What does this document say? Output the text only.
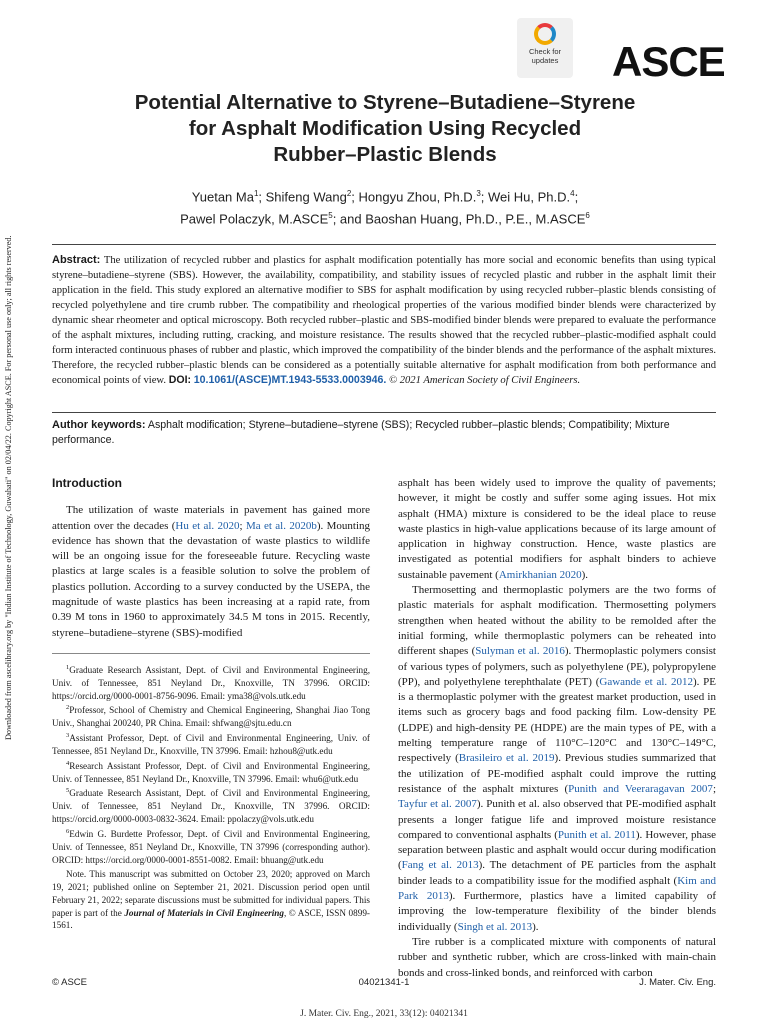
Downloaded from ascelibrary.org by "Indian Institute of Technology, Guwahati" on 02/04/22. Copyright ASCE. For personal use only; all rights reserved.
Check for
updates	ASCE
Potential Alternative to Styrene–Butadiene–Styrene
for Asphalt Modification Using Recycled
Rubber–Plastic Blends
Yuetan Ma$^1$; Shifeng Wang$^2$; Hongyu Zhou, Ph.D.$^3$; Wei Hu, Ph.D.$^4$;
Pawel Polaczyk, M.ASCE$^5$; and Baoshan Huang, Ph.D., P.E., M.ASCE$^6$
Abstract: The utilization of recycled rubber and plastics for asphalt modification potentially has more social and economic benefits than using typical styrene–butadiene–styrene (SBS). However, the availability, compatibility, and stability issues of recycled plastic and rubber in the asphalt limit their application in the field. This study explored an alternative modifier to SBS for asphalt modification by using recycled rubber–plastic blends consisting of recycled polyethylene and tire crumb rubber. The compatibility and rheological properties of the various modified binder blends were characterized by dynamic shear rheometer and optical microscopy. Both recycled rubber–plastic and SBS-modified binder blends were prepared to evaluate the performance of the asphalt mixtures, including rutting, cracking, and moisture resistance. The results showed that the recycled rubber–plastic-modified asphalt could form interacted continuous phases of rubber and plastic, which improved the compatibility of the binder blends and the performance of the asphalt mixtures. Therefore, the recycled rubber–plastic blends can be considered as a potentially suitable alternative for asphalt modification from both performance and economical points of view. DOI: 10.1061/(ASCE)MT.1943-5533.0003946. © 2021 American Society of Civil Engineers.
Author keywords: Asphalt modification; Styrene–butadiene–styrene (SBS); Recycled rubber–plastic blends; Compatibility; Mixture performance.
Introduction

The utilization of waste materials in pavement has gained more attention over the decades (Hu et al. 2020; Ma et al. 2020b). Mounting evidence has shown that the devastation of waste plastics to wildlife will be an ongoing issue for the foreseeable future. Recycling waste plastics at large scales is a feasible solution to solve the problem of plastics pollution. According to a survey conducted by the USEPA, the magnitude of waste plastics has been increasing at a rapid rate, from 0.39 M tons in 1960 to approximately 34.5 M tons in 2015. Recently, styrene–butadiene–styrene (SBS)-modified

$^1$Graduate Research Assistant, Dept. of Civil and Environmental Engineering, Univ. of Tennessee, 851 Neyland Dr., Knoxville, TN 37996. ORCID: https://orcid.org/0000-0001-8756-9096. Email: yma38@vols.utk.edu

$^2$Professor, School of Chemistry and Chemical Engineering, Shanghai Jiao Tong Univ., Shanghai 200240, PR China. Email: shfwang@sjtu.edu.cn

$^3$Assistant Professor, Dept. of Civil and Environmental Engineering, Univ. of Tennessee, 851 Neyland Dr., Knoxville, TN 37996. Email: hzhou8@utk.edu

$^4$Research Assistant Professor, Dept. of Civil and Environmental Engineering, Univ. of Tennessee, 851 Neyland Dr., Knoxville, TN 37996. Email: whu6@utk.edu

$^5$Graduate Research Assistant, Dept. of Civil and Environmental Engineering, Univ. of Tennessee, 851 Neyland Dr., Knoxville, TN 37996. ORCID: https://orcid.org/0000-0003-0832-3624. Email: ppolaczy@vols.utk.edu

$^6$Edwin G. Burdette Professor, Dept. of Civil and Environmental Engineering, Univ. of Tennessee, 851 Neyland Dr., Knoxville, TN 37996 (corresponding author). ORCID: https://orcid.org/0000-0001-8551-0082. Email: bhuang@utk.edu

Note. This manuscript was submitted on October 23, 2020; approved on March 19, 2021; published online on September 21, 2021. Discussion period open until February 21, 2022; separate discussions must be submitted for individual papers. This paper is part of the Journal of Materials in Civil Engineering, © ASCE, ISSN 0899-1561.

asphalt has been widely used to improve the quality of pavements; however, it might be costly and suffer some aging issues. Hot mix asphalt (HMA) mixture is considered to be the ideal place to reuse waste plastics in high-value applications because of its large amount of application in highway construction. Hence, waste plastics are investigated as potential modifiers for asphalt binders to achieve sustainable pavement (Amirkhanian 2020).

Thermosetting and thermoplastic polymers are the two forms of plastic materials for asphalt modification. Thermosetting polymers strengthen when heated without the ability to be remolded after the initial forming, while thermoplastic polymers can be reheated into different shapes (Sulyman et al. 2016). Thermoplastic polymers consist of various types of polymers, such as polyethylene (PE), polypropylene (PP), and polyethylene terephthalate (PET) (Gawande et al. 2012). PE is a thermoplastic polymer with the greatest market production, used in items such as grocery bags and food packing film. Low-density PE (LDPE) and high-density PE (HDPE) are the main types of PE, with a melting temperature range of 110°C–120°C and 130°C–149°C, respectively (Brasileiro et al. 2019). Previous studies summarized that the utilization of PE-modified asphalt could improve the rutting resistance of the asphalt mixtures (Punith and Veeraragavan 2007; Tayfur et al. 2007). Punith et al. also observed that PE-modified asphalt presents a longer fatigue life and improved moisture resistance compared to conventional asphalts (Punith et al. 2011). However, phase separation between plastic and asphalt would occur during modification (Fang et al. 2013). The detachment of PE particles from the asphalt binder leads to a compatibility issue for the modified asphalt (Kim and Park 2013). Furthermore, plastics have a limited capability of improving the low-temperature flexibility of the binder blends individually (Singh et al. 2013).

Tire rubber is a complicated mixture with components of natural rubber and synthetic rubber, which are cross-linked with main-chain bonds and cross-linked bonds, and reinforced with carbon

© ASCE	04021341-1	J. Mater. Civ. Eng.
J. Mater. Civ. Eng., 2021, 33(12): 04021341
